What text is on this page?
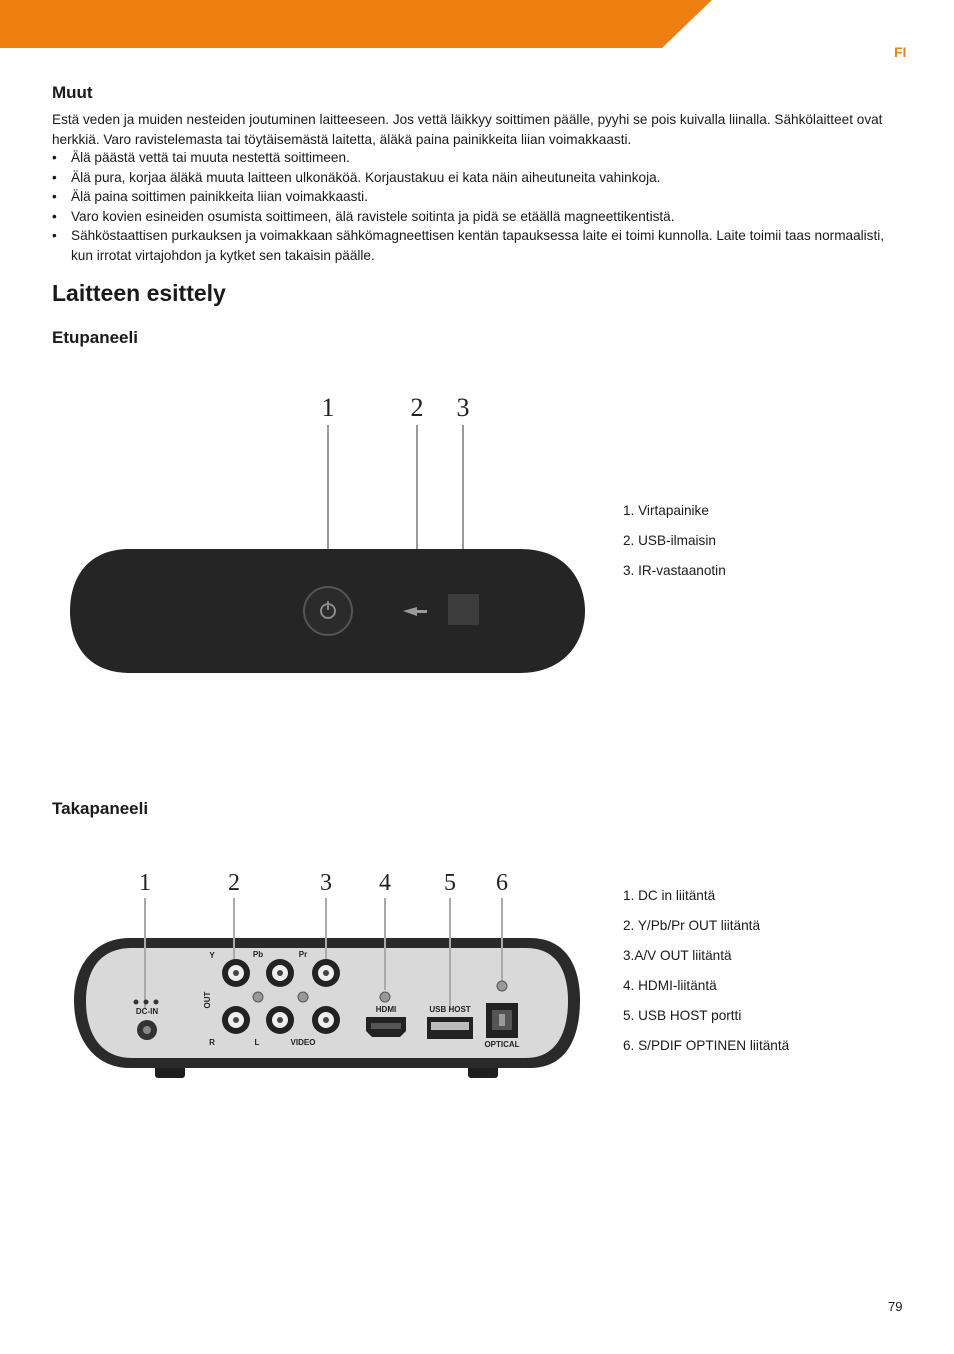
FI
Muut

Estä veden ja muiden nesteiden joutuminen laitteeseen. Jos vettä läikkyy soittimen päälle, pyyhi se pois kuivalla liinalla. Sähkölaitteet ovat herkkiä. Varo ravistelemasta tai töytäisemästä laitetta, äläkä paina painikkeita liian voimakkaasti.

• Älä päästä vettä tai muuta nestettä soittimeen.
• Älä pura, korjaa äläkä muuta laitteen ulkonäköä. Korjaustakuu ei kata näin aiheutuneita vahinkoja.
• Älä paina soittimen painikkeita liian voimakkaasti.
• Varo kovien esineiden osumista soittimeen, älä ravistele soitinta ja pidä se etäällä magneettikentistä.
• Sähköstaattisen purkauksen ja voimakkaan sähkömagneettisen kentän tapauksessa laite ei toimi kunnolla. Laite toimii taas normaalisti, kun irrotat virtajohdon ja kytket sen takaisin päälle.
Laitteen esittely
Etupaneeli
1	2 3
1. Virtapainike
2. USB-ilmaisin
3. IR-vastaanotin
Takapaneeli
1	2	3 4 5 6
DC-IN
Y	Pb	Pr
R	L	VIDEO
OUT
HDMI	USB HOST
OPTICAL
1. DC in liitäntä
2. Y/Pb/Pr OUT liitäntä
3.A/V OUT liitäntä
4. HDMI-liitäntä
5. USB HOST portti
6. S/PDIF OPTINEN liitäntä
79
